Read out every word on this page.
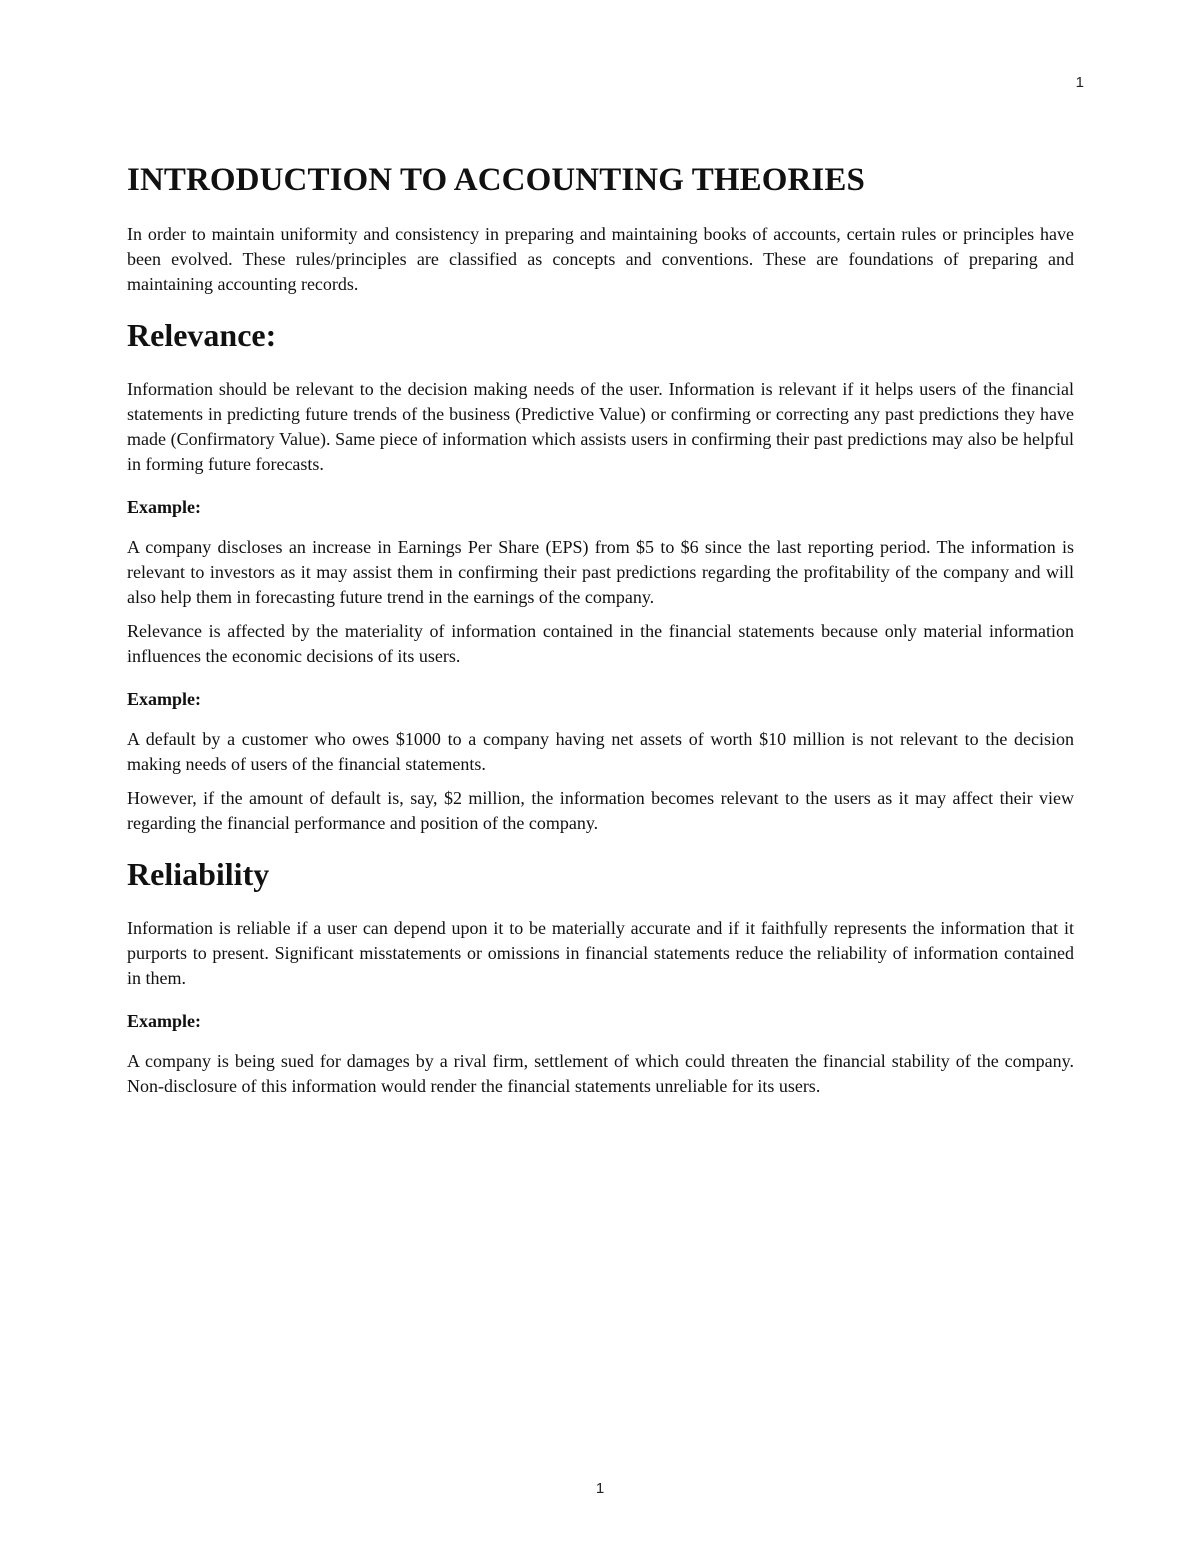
1
INTRODUCTION TO ACCOUNTING THEORIES

In order to maintain uniformity and consistency in preparing and maintaining books of accounts, certain rules or principles have been evolved. These rules/principles are classified as concepts and conventions. These are foundations of preparing and maintaining accounting records.

Relevance:

Information should be relevant to the decision making needs of the user. Information is relevant if it helps users of the financial statements in predicting future trends of the business (Predictive Value) or confirming or correcting any past predictions they have made (Confirmatory Value). Same piece of information which assists users in confirming their past predictions may also be helpful in forming future forecasts.

Example:

A company discloses an increase in Earnings Per Share (EPS) from $5 to $6 since the last reporting period. The information is relevant to investors as it may assist them in confirming their past predictions regarding the profitability of the company and will also help them in forecasting future trend in the earnings of the company.

Relevance is affected by the materiality of information contained in the financial statements because only material information influences the economic decisions of its users.

Example:

A default by a customer who owes $1000 to a company having net assets of worth $10 million is not relevant to the decision making needs of users of the financial statements.

However, if the amount of default is, say, $2 million, the information becomes relevant to the users as it may affect their view regarding the financial performance and position of the company.

Reliability

Information is reliable if a user can depend upon it to be materially accurate and if it faithfully represents the information that it purports to present. Significant misstatements or omissions in financial statements reduce the reliability of information contained in them.

Example:

A company is being sued for damages by a rival firm, settlement of which could threaten the financial stability of the company. Non-disclosure of this information would render the financial statements unreliable for its users.

1
